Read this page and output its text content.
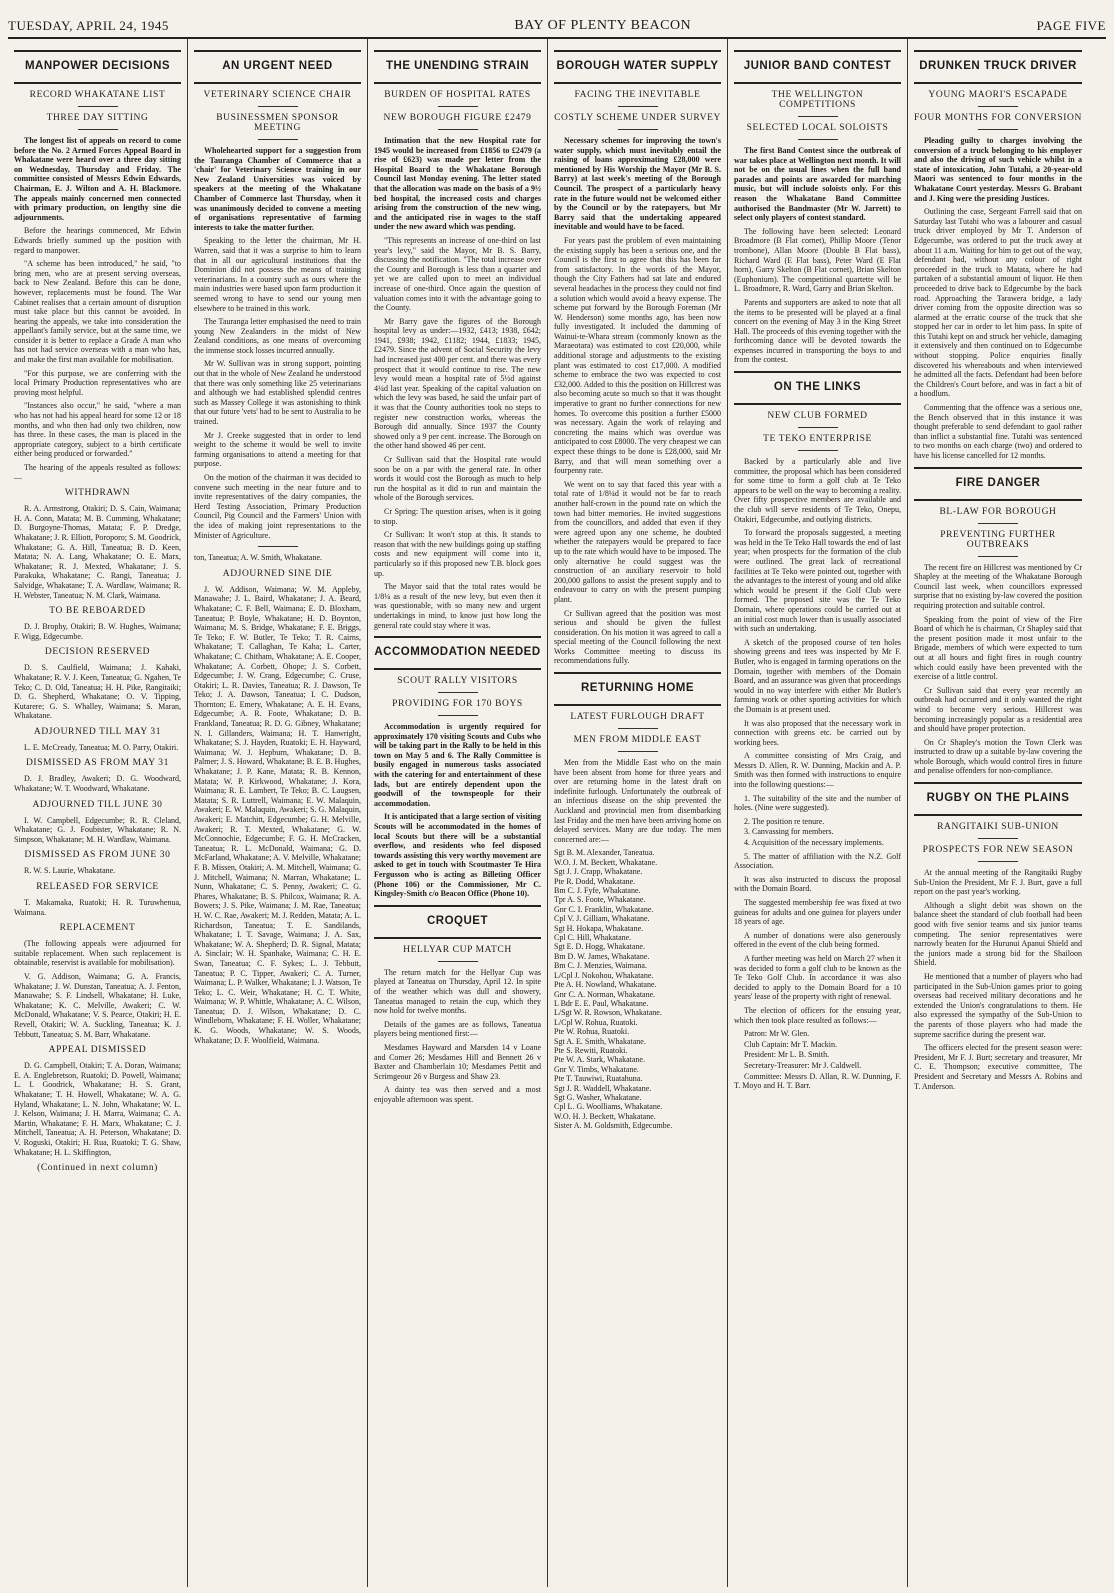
TUESDAY, APRIL 24, 1945	BAY OF PLENTY BEACON	PAGE FIVE
MANPOWER DECISIONS
RECORD WHAKATANE LIST
THREE DAY SITTING

The longest list of appeals on record to come before the No. 2 Armed Forces Appeal Board in Whakatane were heard over a three day sitting on Wednesday, Thursday and Friday. The committee consisted of Messrs Edwin Edwards, Chairman, E. J. Wilton and A. H. Blackmore. The appeals mainly concerned men connected with primary production, on lengthy sine die adjournments.

Before the hearings commenced, Mr Edwin Edwards briefly summed up the position with regard to manpower.

"A scheme has been introduced," he said, "to bring men, who are at present serving overseas, back to New Zealand. Before this can be done, however, replacements must be found. The War Cabinet realises that a certain amount of disruption must take place but this cannot be avoided. In hearing the appeals, we take into consideration the appellant's family service, but at the same time, we consider it is better to replace a Grade A man who has not had service overseas with a man who has, and make the first man available for mobilisation.

"For this purpose, we are conferring with the local Primary Production representatives who are proving most helpful.

"Instances also occur," he said, "where a man who has not had his appeal heard for some 12 or 18 months, and who then had only two children, now has three. In these cases, the man is placed in the appropriate category, subject to a birth certificate either being produced or forwarded."

The hearing of the appeals resulted as follows:—

WITHDRAWN

R. A. Armstrong, Otakiri; D. S. Cain, Waimana; H. A. Conn, Matata; M. B. Cumming, Whakatane; D. Burgoyne-Thomas, Matata; F. P. Dredge, Whakatane; J. R. Elliott, Poroporo; S. M. Goodrick, Whakatane; G. A. Hill, Taneatua; B. D. Keen, Matata; N. A. Lang, Whakatane; O. E. Marx, Whakatane; R. J. Mexted, Whakatane; J. S. Parakuka, Whakatane; C. Rangi, Taneatua; J. Salvidge, Whakatane; T. A. Wardlaw, Waimana; R. H. Webster, Taneatua; N. M. Clark, Waimana.

TO BE REBOARDED

D. J. Brophy, Otakiri; B. W. Hughes, Waimana; F. Wigg, Edgecumbe.

DECISION RESERVED

D. S. Caulfield, Waimana; J. Kahaki, Whakatane; R. V. J. Keen, Taneatua; G. Ngahen, Te Teko; C. D. Old, Taneatua; H. H. Pike, Rangitaiki; D. G. Shepherd, Whakatane; O. V. Tipping, Kutarere; G. S. Whalley, Waimana; S. Maran, Whakatane.

ADJOURNED TILL MAY 31

L. E. McCready, Taneatua; M. O. Parry, Otakiri.

DISMISSED AS FROM MAY 31

D. J. Bradley, Awakeri; D. G. Woodward, Whakatane; W. T. Woodward, Whakatane.

ADJOURNED TILL JUNE 30

I. W. Campbell, Edgecumbe; R. R. Cleland, Whakatane; G. J. Foubister, Whakatane; R. N. Simpson, Whakatane; M. H. Wardlaw, Waimana.

DISMISSED AS FROM JUNE 30

R. W. S. Laurie, Whakatane.

RELEASED FOR SERVICE

T. Makamaka, Ruatoki; H. R. Turuwhenua, Waimana.

REPLACEMENT

(The following appeals were adjourned for suitable replacement. When such replacement is obtainable, reservist is available for mobilisation).

V. G. Addison, Waimana; G. A. Francis, Whakatane; J. W. Dunstan, Taneatua; A. J. Fenton, Manawahe; S. F. Lindsell, Whakatane; H. Luke, Whakatane; K. C. Melville, Awakeri; C. W. McDonald, Whakatane; V. S. Pearce, Otakiri; H. E. Revell, Otakiri; W. A. Suckling, Taneatua; K. J. Tebbutt, Taneatua; S. M. Barr, Whakatane.

APPEAL DISMISSED

D. G. Campbell, Otakiri; T. A. Doran, Waimana; E. A. Englebretson, Ruatoki; D. Powell, Waimana; L. I. Goodrick, Whakatane; H. S. Grant, Whakatane; T. H. Howell, Whakatane; W. A. G. Hyland, Whakatane; L. N. John, Whakatane; W. L. J. Kelson, Waimana; J. H. Marra, Waimana; C. A. Martin, Whakatane; F. H. Marx, Whakatane; C. J. Mitchell, Taneatua; A. H. Peterson, Whakatane; D. V. Roguski, Otakiri; H. Rua, Ruatoki; T. G. Shaw, Whakatane; H. L. Skiffington,

(Continued in next column)
AN URGENT NEED
VETERINARY SCIENCE CHAIR
BUSINESSMEN SPONSOR MEETING

Wholehearted support for a suggestion from the Tauranga Chamber of Commerce that a 'chair' for Veterinary Science training in our New Zealand Universities was voiced by speakers at the meeting of the Whakatane Chamber of Commerce last Thursday, when it was unanimously decided to convene a meeting of organisations representative of farming interests to take the matter further.

Speaking to the letter the chairman, Mr H. Warren, said that it was a surprise to him to learn that in all our agricultural institutions that the Dominion did not possess the means of training veterinarians. In a country such as ours where the main industries were based upon farm production it seemed wrong to have to send our young men elsewhere to be trained in this work.

The Tauranga letter emphasised the need to train young New Zealanders in the midst of New Zealand conditions, as one means of overcoming the immense stock losses incurred annually.

Mr W. Sullivan was in strong support, pointing out that in the whole of New Zealand he understood that there was only something like 25 veterinarians and although we had established splendid centres such as Massey College it was astonishing to think that our future 'vets' had to be sent to Australia to be trained.

Mr J. Creeke suggested that in order to lend weight to the scheme it would be well to invite farming organisations to attend a meeting for that purpose.

On the motion of the chairman it was decided to convene such meeting in the near future and to invite representatives of the dairy companies, the Herd Testing Association, Primary Production Council, Pig Council and the Farmers' Union with the idea of making joint representations to the Minister of Agriculture.

ton, Taneatua; A. W. Smith, Whakatane.

ADJOURNED SINE DIE

J. W. Addison, Waimana; W. M. Appleby, Manawahe; J. L. Baird, Whakatane; J. A. Beard, Whakatane; C. F. Bell, Waimana; E. D. Bloxham, Taneatua; P. Boyle, Whakatane; H. D. Boynton, Waimana; M. S. Bridge, Whakatane; F. E. Briggs, Te Teko; F. W. Butler, Te Teko; T. R. Cairns, Whakatane; T. Callaghan, Te Kaha; L. Carter, Whakatane; C. Chitham, Whakatane; A. E. Cooper, Whakatane; A. Corbett, Ohope; J. S. Corbett, Edgecumbe; J. W. Crang, Edgecumbe; C. Cruse, Otakiri; L. R. Davies, Taneatua; R. J. Dawson, Te Teko; J. A. Dawson, Taneatua; I. C. Dudson, Thornton; E. Emery, Whakatane; A. E. H. Evans, Edgecumbe; A. R. Foote, Whakatane; D. B. Frankland, Taneatua; R. D. G. Gibney, Whakatane; N. I. Gillanders, Waimana; H. T. Hanwright, Whakatane; S. J. Hayden, Ruatoki; E. H. Hayward, Waimana; W. J. Hepburn, Whakatane; D. B. Palmer; J. S. Howard, Whakatane; B. E. B. Hughes, Whakatane; J. P. Kane, Matata; R. B. Kennon, Matata; W. P. Kirkwood, Whakatane; J. Kora, Waimana; R. E. Lambert, Te Teko; B. C. Laugsen, Matata; S. R. Luttrell, Waimana; E. W. Malaquin, Awakeri; E. W. Malaquin, Awakeri; S. G. Malaquin, Awakeri; E. Matchitt, Edgecumbe; G. H. Melville, Awakeri; R. T. Mexted, Whakatane; G. W. McConnochie, Edgecumbe; F. G. H. McCracken, Taneatua; R. L. McDonald, Waimana; G. D. McFarland, Whakatane; A. V. Melville, Whakatane; F. B. Missen, Otakiri; A. M. Mitchell, Waimana; G. J. Mitchell, Waimana; N. Marran, Whakatane; L. Nunn, Whakatane; C. S. Penny, Awakeri; C. G. Phares, Whakatane; B. S. Philcox, Waimana; R. A. Bowers; J. S. Pike, Waimana; J. M. Rae, Taneatua; H. W. C. Rae, Awakeri; M. J. Redden, Matata; A. L. Richardson, Taneatua; T. E. Sandilands, Whakatane; I. T. Savage, Waimana; J. A. Sax, Whakatane; W. A. Shepherd; D. R. Signal, Matata; A. Sinclair; W. H. Spanhake, Waimana; C. H. E. Swan, Taneatua; C. F. Sykes; L. J. Tebbutt, Taneatua; P. C. Tipper, Awakeri; C. A. Turner, Waimana; L. P. Walker, Whakatane; I. J. Watson, Te Teko; L. C. Weir, Whakatane; H. C. T. White, Waimana; W. P. Whittle, Whakatane; A. C. Wilson, Taneatua; D. J. Wilson, Whakatane; D. C. Windleborn, Whakatane; F. H. Woller, Whakatane; K. G. Woods, Whakatane; W. S. Woods, Whakatane; D. F. Woolfield, Waimana.

THE UNENDING STRAIN
BURDEN OF HOSPITAL RATES
NEW BOROUGH FIGURE £2479

Intimation that the new Hospital rate for 1945 would be increased from £1856 to £2479 (a rise of £623) was made per letter from the Hospital Board to the Whakatane Borough Council last Monday evening. The letter stated that the allocation was made on the basis of a 9½ bed hospital, the increased costs and charges arising from the construction of the new wing, and the anticipated rise in wages to the staff under the new award which was pending.

"This represents an increase of one-third on last year's levy," said the Mayor, Mr B. S. Barry, discussing the notification. "The total increase over the County and Borough is less than a quarter and yet we are called upon to meet an individual increase of one-third. Once again the question of valuation comes into it with the advantage going to the County.

Mr Barry gave the figures of the Borough hospital levy as under:—1932, £413; 1938, £642; 1941, £938; 1942, £1182; 1944, £1833; 1945, £2479. Since the advent of Social Security the levy had increased just 400 per cent. and there was every prospect that it would continue to rise. The new levy would mean a hospital rate of 5½d against 4¼d last year. Speaking of the capital valuation on which the levy was based, he said the unfair part of it was that the County authorities took no steps to register new construction works, whereas the Borough did annually. Since 1937 the County showed only a 9 per cent. increase. The Borough on the other hand showed 46 per cent.

Cr Sullivan said that the Hospital rate would soon be on a par with the general rate. In other words it would cost the Borough as much to help run the hospital as it did to run and maintain the whole of the Borough services.

Cr Spring: The question arises, when is it going to stop.

Cr Sullivan: It won't stop at this. It stands to reason that with the new buildings going up staffing costs and new equipment will come into it, particularly so if this proposed new T.B. block goes up.

The Mayor said that the total rates would be 1/8¼ as a result of the new levy, but even then it was questionable, with so many new and urgent undertakings in mind, to know just how long the general rate could stay where it was.

ACCOMMODATION NEEDED
SCOUT RALLY VISITORS
PROVIDING FOR 170 BOYS

Accommodation is urgently required for approximately 170 visiting Scouts and Cubs who will be taking part in the Rally to be held in this town on May 5 and 6. The Rally Committee is busily engaged in numerous tasks associated with the catering for and entertainment of these lads, but are entirely dependent upon the goodwill of the townspeople for their accommodation.

It is anticipated that a large section of visiting Scouts will be accommodated in the homes of local Scouts but there will be a substantial overflow, and residents who feel disposed towards assisting this very worthy movement are asked to get in touch with Scoutmaster Te Hira Fergusson who is acting as Billeting Officer (Phone 106) or the Commissioner, Mr C. Kingsley-Smith c/o Beacon Office (Phone 10).

CROQUET
HELLYAR CUP MATCH

The return match for the Hellyar Cup was played at Taneatua on Thursday, April 12. In spite of the weather which was dull and showery, Taneatua managed to retain the cup, which they now hold for twelve months.

Details of the games are as follows, Taneatua players being mentioned first:—

Mesdames Hayward and Marsden 14 v Loane and Comer 26; Mesdames Hill and Bennett 26 v Baxter and Chamberlain 10; Mesdames Pettit and Scrimgeour 26 v Burgess and Shaw 23.

A dainty tea was then served and a most enjoyable afternoon was spent.

BOROUGH WATER SUPPLY
FACING THE INEVITABLE
COSTLY SCHEME UNDER SURVEY

Necessary schemes for improving the town's water supply, which must inevitably entail the raising of loans approximating £28,000 were mentioned by His Worship the Mayor (Mr B. S. Barry) at last week's meeting of the Borough Council. The prospect of a particularly heavy rate in the future would not be welcomed either by the Council or by the ratepayers, but Mr Barry said that the undertaking appeared inevitable and would have to be faced.

For years past the problem of even maintaining the existing supply has been a serious one, and the Council is the first to agree that this has been far from satisfactory. In the words of the Mayor, though the City Fathers had sat late and endured several headaches in the process they could not find a solution which would avoid a heavy expense. The scheme put forward by the Borough Foreman (Mr W. Henderson) some months ago, has been now fully investigated. It included the damming of Wainui-te-Whara stream (commonly known as the Maraeotara) was estimated to cost £20,000, while additional storage and adjustments to the existing plant was estimated to cost £17,000. A modified scheme to embrace the two was expected to cost £32,000. Added to this the position on Hillcrest was also becoming acute so much so that it was thought imperative to grant no further connections for new homes. To overcome this position a further £5000 was necessary. Again the work of relaying and concreting the mains which was overdue was anticipated to cost £8000. The very cheapest we can expect these things to be done is £28,000, said Mr Barry, and that will mean something over a fourpenny rate.

We went on to say that faced this year with a total rate of 1/8¼d it would not be far to reach another half-crown in the pound rate on which the town had bitter memories. He invited suggestions from the councillors, and added that even if they were agreed upon any one scheme, he doubted whether the ratepayers would be prepared to face up to the rate which would have to be imposed. The only alternative he could suggest was the construction of an auxiliary reservoir to hold 200,000 gallons to assist the present supply and to endeavour to carry on with the present pumping plant.

Cr Sullivan agreed that the position was most serious and should be given the fullest consideration. On his motion it was agreed to call a special meeting of the Council following the next Works Committee meeting to discuss its recommendations fully.

RETURNING HOME
LATEST FURLOUGH DRAFT
MEN FROM MIDDLE EAST

Men from the Middle East who on the main have been absent from home for three years and over are returning home in the latest draft on indefinite furlough. Unfortunately the outbreak of an infectious disease on the ship prevented the Auckland and provincial men from disembarking last Friday and the men have been arriving home on delayed services. Many are due today. The men concerned are:—

Sgt B. M. Alexander, Taneatua.

W.O. J. M. Beckett, Whakatane.

Sgt J. J. Crapp, Whakatane.

Pte R. Dodd, Whakatane.

Bm C. J. Fyfe, Whakatane.

Tpr A. S. Foote, Whakatane.

Gnr C. I. Franklin, Whakatane.

Cpl V. J. Gilliam, Whakatane.

Sgt H. Hokapa, Whakatane.

Cpl C. Hill, Whakatane.

Sgt E. D. Hogg, Whakatane.

Bm D. W. James, Whakatane.

Bm C. J. Menzies, Waimana.

L/Cpl J. Nokohou, Whakatane.

Pte A. H. Nowland, Whakatane.

Gnr C. A. Norman, Whakatane.

L Bdr E. E. Paul, Whakatane.

L/Sgt W. R. Rowson, Whakatane.

L/Cpl W. Rohua, Ruatoki.

Pte W. Rohua, Ruatoki.

Sgt A. E. Smith, Whakatane.

Pte S. Rewiti, Ruatoki.

Pte W. A. Stark, Whakatane.

Gnr V. Timbs, Whakatane.

Pte T. Tauwiwi, Ruatahuna.

Sgt J. R. Waddell, Whakatane.

Sgt G. Washer, Whakatane.

Cpl L. G. Woolliams, Whakatane.

W.O. H. J. Beckett, Whakatane.

Sister A. M. Goldsmith, Edgecumbe.

JUNIOR BAND CONTEST
THE WELLINGTON COMPETITIONS
SELECTED LOCAL SOLOISTS

The first Band Contest since the outbreak of war takes place at Wellington next month. It will not be on the usual lines when the full band parades and points are awarded for marching music, but will include soloists only. For this reason the Whakatane Band Committee authorised the Bandmaster (Mr W. Jarrett) to select only players of contest standard.

The following have been selected: Leonard Broadmore (B Flat cornet), Phillip Moore (Tenor trombone), Allan Moore (Double B Flat bass), Richard Ward (E Flat bass), Peter Ward (E Flat horn), Garry Skelton (B Flat cornet), Brian Skelton (Euphonium). The competitional quartette will be L. Broadmore, R. Ward, Garry and Brian Skelton.

Parents and supporters are asked to note that all the items to be presented will be played at a final concert on the evening of May 3 in the King Street Hall. The proceeds of this evening together with the forthcoming dance will be devoted towards the expenses incurred in transporting the boys to and from the contest.

ON THE LINKS
NEW CLUB FORMED
TE TEKO ENTERPRISE

Backed by a particularly able and live committee, the proposal which has been considered for some time to form a golf club at Te Teko appears to be well on the way to becoming a reality. Over fifty prospective members are available and the club will serve residents of Te Teko, Onepu, Otakiri, Edgecumbe, and outlying districts.

To forward the proposals suggested, a meeting was held in the Te Teko Hall towards the end of last year; when prospects for the formation of the club were outlined. The great lack of recreational facilities at Te Teko were pointed out, together with the advantages to the interest of young and old alike which would be present if the Golf Club were formed. The proposed site was the Te Teko Domain, where operations could be carried out at an initial cost much lower than is usually associated with such an undertaking.

A sketch of the proposed course of ten holes showing greens and tees was inspected by Mr F. Butler, who is engaged in farming operations on the Domain, together with members of the Domain Board, and an assurance was given that proceedings would in no way interfere with either Mr Butler's farming work or other sporting activities for which the Domain is at present used.

It was also proposed that the necessary work in connection with greens etc. be carried out by working bees.

A committee consisting of Mrs Craig, and Messrs D. Allen, R. W. Dunning, Mackin and A. P. Smith was then formed with instructions to enquire into the following questions:—

1. The suitability of the site and the number of holes. (Nine were suggested).

2. The position re tenure.

3. Canvassing for members.

4. Acquisition of the necessary implements.

5. The matter of affiliation with the N.Z. Golf Association.

It was also instructed to discuss the proposal with the Domain Board.

The suggested membership fee was fixed at two guineas for adults and one guinea for players under 18 years of age.

A number of donations were also generously offered in the event of the club being formed.

A further meeting was held on March 27 when it was decided to form a golf club to be known as the Te Teko Golf Club. In accordance it was also decided to apply to the Domain Board for a 10 years' lease of the property with right of renewal.

The election of officers for the ensuing year, which then took place resulted as follows:—

Patron: Mr W. Glen.

Club Captain: Mr T. Mackin.

President: Mr L. B. Smith.

Secretary-Treasurer: Mr J. Caldwell.

Committee: Messrs D. Allan, R. W. Dunning, F. T. Moyo and H. T. Barr.

DRUNKEN TRUCK DRIVER
YOUNG MAORI'S ESCAPADE
FOUR MONTHS FOR CONVERSION

Pleading guilty to charges involving the conversion of a truck belonging to his employer and also the driving of such vehicle whilst in a state of intoxication, John Tutahi, a 20-year-old Maori was sentenced to four months in the Whakatane Court yesterday. Messrs G. Brabant and J. King were the presiding Justices.

Outlining the case, Sergeant Farrell said that on Saturday last Tutahi who was a labourer and casual truck driver employed by Mr T. Anderson of Edgecumbe, was ordered to put the truck away at about 11 a.m. Waiting for him to get out of the way, defendant had, without any colour of right proceeded in the truck to Matata, where he had partaken of a substantial amount of liquor. He then proceeded to drive back to Edgecumbe by the back road. Approaching the Tarawera bridge, a lady driver coming from the opposite direction was so alarmed at the erratic course of the truck that she stopped her car in order to let him pass. In spite of this Tutahi kept on and struck her vehicle, damaging it extensively and then continued on to Edgecumbe without stopping. Police enquiries finally discovered his whereabouts and when interviewed he admitted all the facts. Defendant had been before the Children's Court before, and was in fact a bit of a hoodlum.

Commenting that the offence was a serious one, the Bench observed that in this instance it was thought preferable to send defendant to gaol rather than inflict a substantial fine. Tutahi was sentenced to two months on each charge (two) and ordered to have his license cancelled for 12 months.

FIRE DANGER
BL-LAW FOR BOROUGH
PREVENTING FURTHER OUTBREAKS

The recent fire on Hillcrest was mentioned by Cr Shapley at the meeting of the Whakatane Borough Council last week, when councillors expressed surprise that no existing by-law covered the position requiring protection and suitable control.

Speaking from the point of view of the Fire Board of which he is chairman, Cr Shapley said that the present position made it most unfair to the Brigade, members of which were expected to turn out at all hours and fight fires in rough country which could easily have been prevented with the exercise of a little control.

Cr Sullivan said that every year recently an outbreak had occurred and it only wanted the right wind to become very serious. Hillcrest was becoming increasingly popular as a residential area and should have proper protection.

On Cr Shapley's motion the Town Clerk was instructed to draw up a suitable by-law covering the whole Borough, which would control fires in future and penalise offenders for non-compliance.

RUGBY ON THE PLAINS
RANGITAIKI SUB-UNION
PROSPECTS FOR NEW SEASON

At the annual meeting of the Rangitaiki Rugby Sub-Union the President, Mr F. J. Burt, gave a full report on the past year's working.

Although a slight debit was shown on the balance sheet the standard of club football had been good with five senior teams and six junior teams competing. The senior representatives were narrowly beaten for the Hurunui Apanui Shield and the juniors made a strong bid for the Shailoon Shield.

He mentioned that a number of players who had participated in the Sub-Union games prior to going overseas had received military decorations and he extended the Union's congratulations to them. He also expressed the sympathy of the Sub-Union to the parents of those players who had made the supreme sacrifice during the present war.

The officers elected for the present season were: President, Mr F. J. Burt; secretary and treasurer, Mr C. E. Thompson; executive committee, The President and Secretary and Messrs A. Robins and T. Anderson.
